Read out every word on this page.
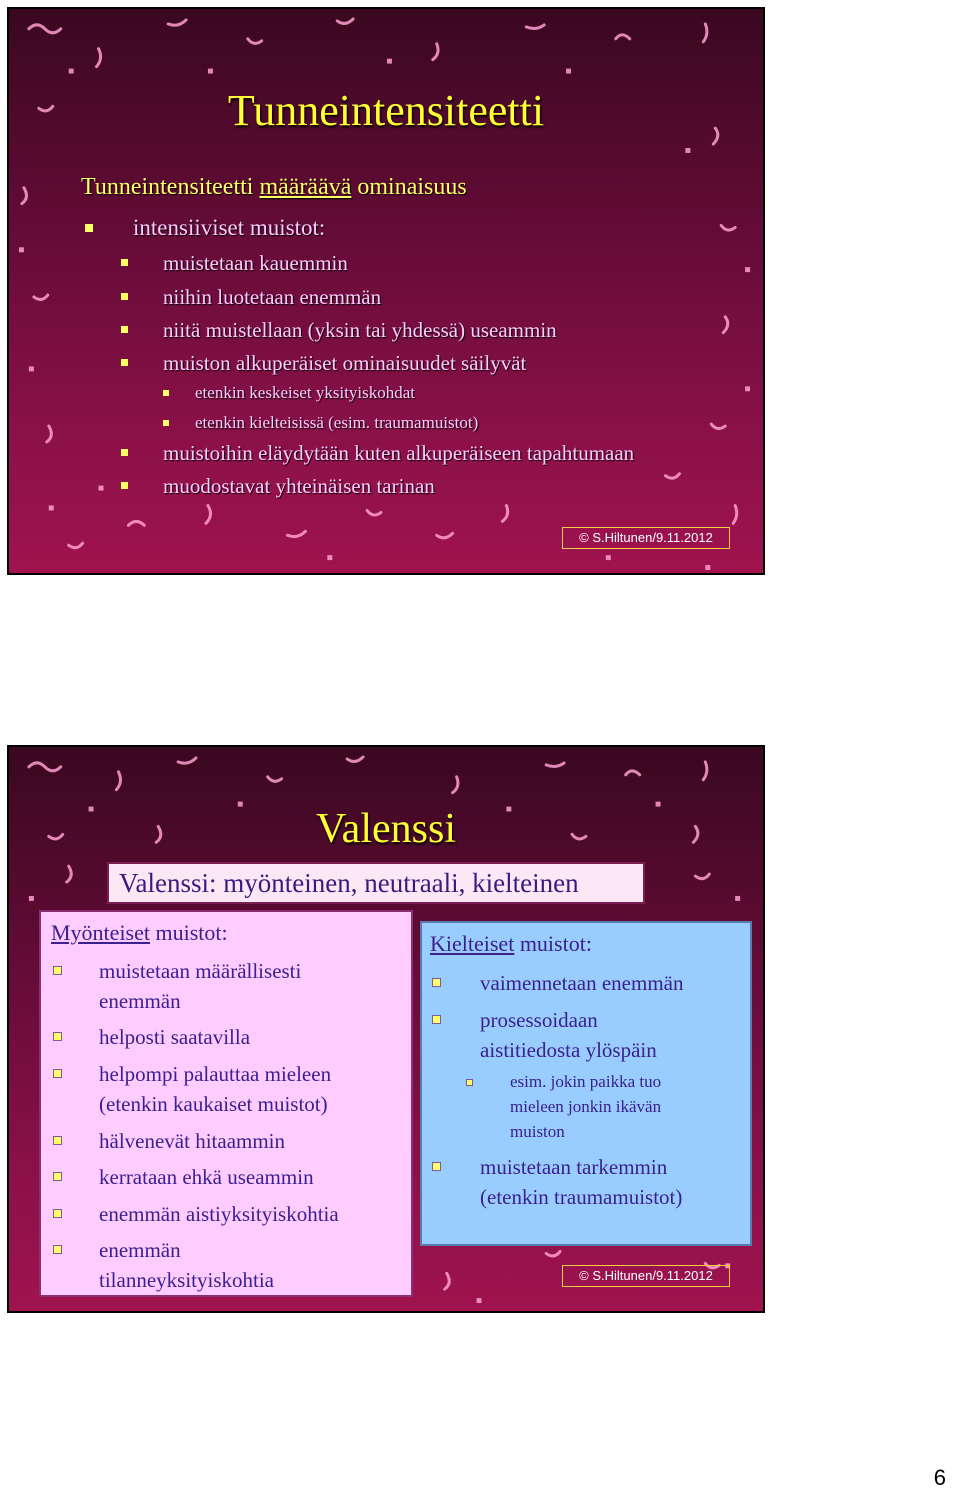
Tunneintensiteetti
Tunneintensiteetti määräävä ominaisuus
intensiiviset muistot:
muistetaan kauemmin
niihin luotetaan enemmän
niitä muistellaan (yksin tai yhdessä) useammin
muiston alkuperäiset ominaisuudet säilyvät
etenkin keskeiset yksityiskohdat
etenkin kielteisissä (esim. traumamuistot)
muistoihin eläydytään kuten alkuperäiseen tapahtumaan
muodostavat yhteinäisen tarinan
© S.Hiltunen/9.11.2012
Valenssi
Valenssi: myönteinen, neutraali, kielteinen
Myönteiset muistot:
muistetaan määrällisesti
enemmän
helposti saatavilla
helpompi palauttaa mieleen
(etenkin kaukaiset muistot)
hälvenevät hitaammin
kerrataan ehkä useammin
enemmän aistiyksityiskohtia
enemmän
tilanneyksityiskohtia
Kielteiset muistot:
vaimennetaan enemmän
prosessoidaan
aistitiedosta ylöspäin
esim. jokin paikka tuo
mieleen jonkin ikävän
muiston
muistetaan tarkemmin
(etenkin traumamuistot)
© S.Hiltunen/9.11.2012
6
